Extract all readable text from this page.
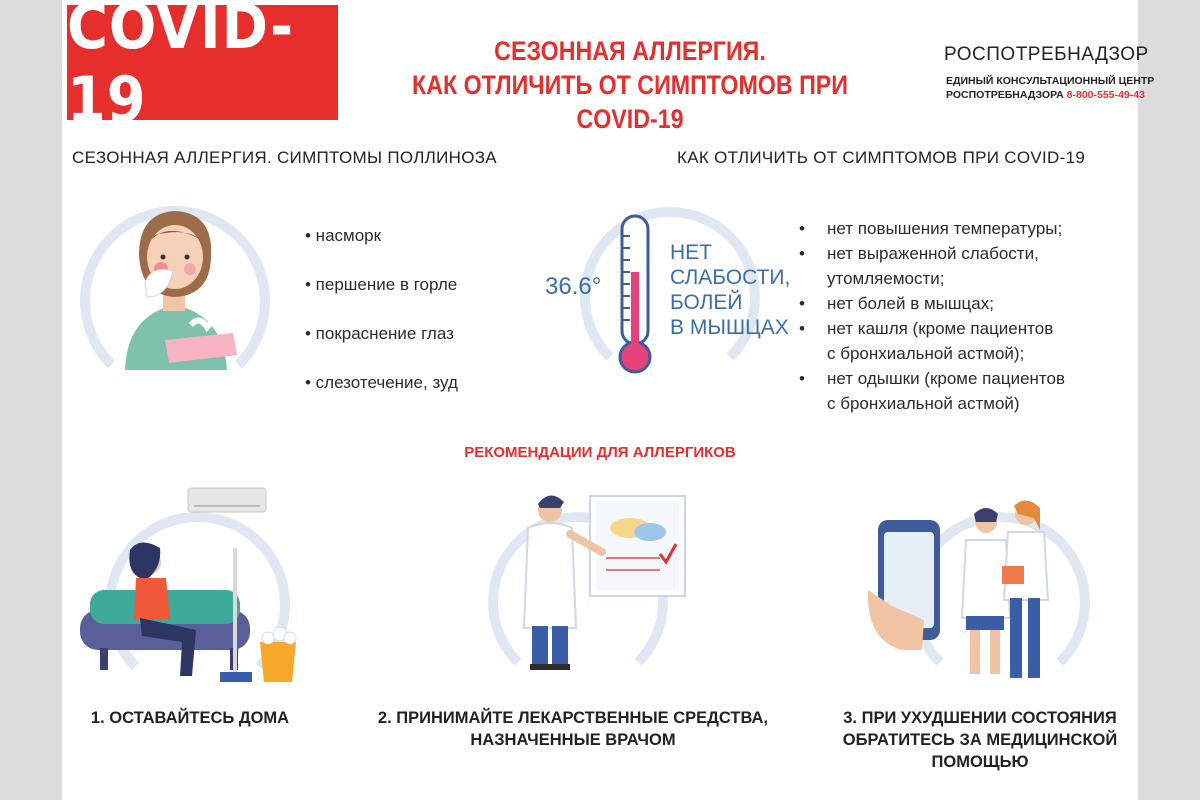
COVID-19
СЕЗОННАЯ АЛЛЕРГИЯ.
КАК ОТЛИЧИТЬ ОТ СИМПТОМОВ ПРИ COVID-19
РОСПОТРЕБНАДЗОР
ЕДИНЫЙ КОНСУЛЬТАЦИОННЫЙ ЦЕНТР
РОСПОТРЕБНАДЗОРА 8-800-555-49-43
СЕЗОННАЯ АЛЛЕРГИЯ. СИМПТОМЫ ПОЛЛИНОЗА	КАК ОТЛИЧИТЬ ОТ СИМПТОМОВ ПРИ COVID-19
• насморк
• першение в горле
• покраснение глаз
• слезотечение, зуд
36.6°
НЕТ
СЛАБОСТИ,
БОЛЕЙ
В МЫШЦАХ
• нет повышения температуры;
• нет выраженной слабости,
утомляемости;
• нет болей в мышцах;
• нет кашля (кроме пациентов
с бронхиальной астмой);
• нет одышки (кроме пациентов
с бронхиальной астмой)
РЕКОМЕНДАЦИИ ДЛЯ АЛЛЕРГИКОВ
1. ОСТАВАЙТЕСЬ ДОМА	2. ПРИНИМАЙТЕ ЛЕКАРСТВЕННЫЕ СРЕДСТВА,
НАЗНАЧЕННЫЕ ВРАЧОМ
3. ПРИ УХУДШЕНИИ СОСТОЯНИЯ
ОБРАТИТЕСЬ ЗА МЕДИЦИНСКОЙ
ПОМОЩЬЮ
